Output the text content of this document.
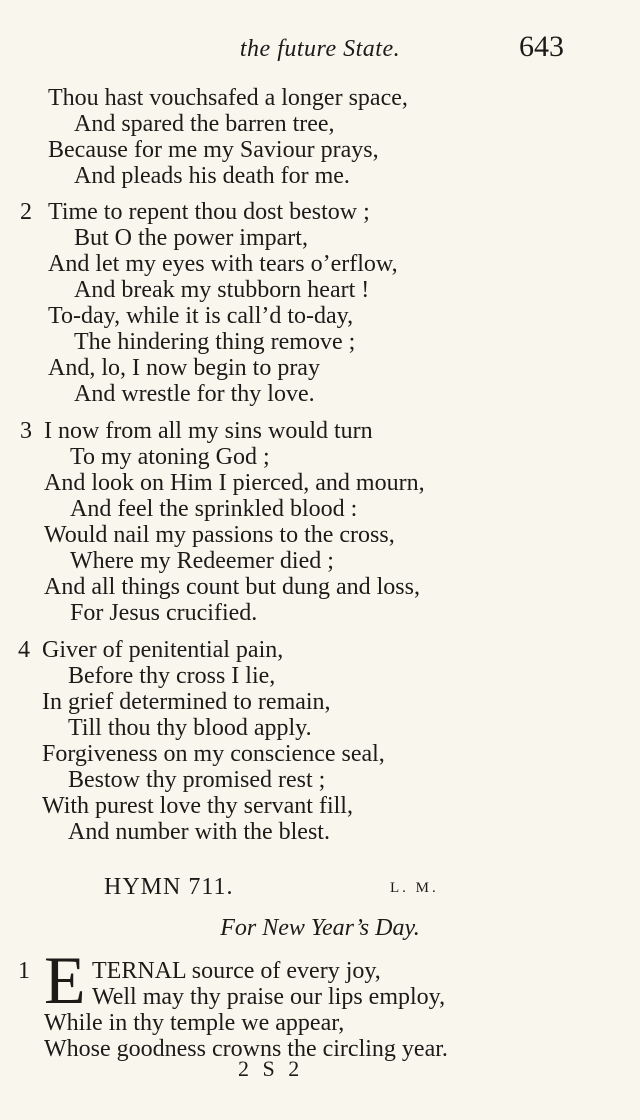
the future State.	643
Thou hast vouchsafed a longer space,
And spared the barren tree,
Because for me my Saviour prays,
And pleads his death for me.
2 Time to repent thou dost bestow ;
But O the power impart,
And let my eyes with tears o’erflow,
And break my stubborn heart !
To-day, while it is call’d to-day,
The hindering thing remove ;
And, lo, I now begin to pray
And wrestle for thy love.
3 I now from all my sins would turn
To my atoning God ;
And look on Him I pierced, and mourn,
And feel the sprinkled blood :
Would nail my passions to the cross,
Where my Redeemer died ;
And all things count but dung and loss,
For Jesus crucified.
4 Giver of penitential pain,
Before thy cross I lie,
In grief determined to remain,
Till thou thy blood apply.
Forgiveness on my conscience seal,
Bestow thy promised rest ;
With purest love thy servant fill,
And number with the blest.
HYMN 711.	L. M.
For New Year’s Day.
1 E TERNAL source of every joy,
Well may thy praise our lips employ,
While in thy temple we appear,
Whose goodness crowns the circling year.
2 S 2
